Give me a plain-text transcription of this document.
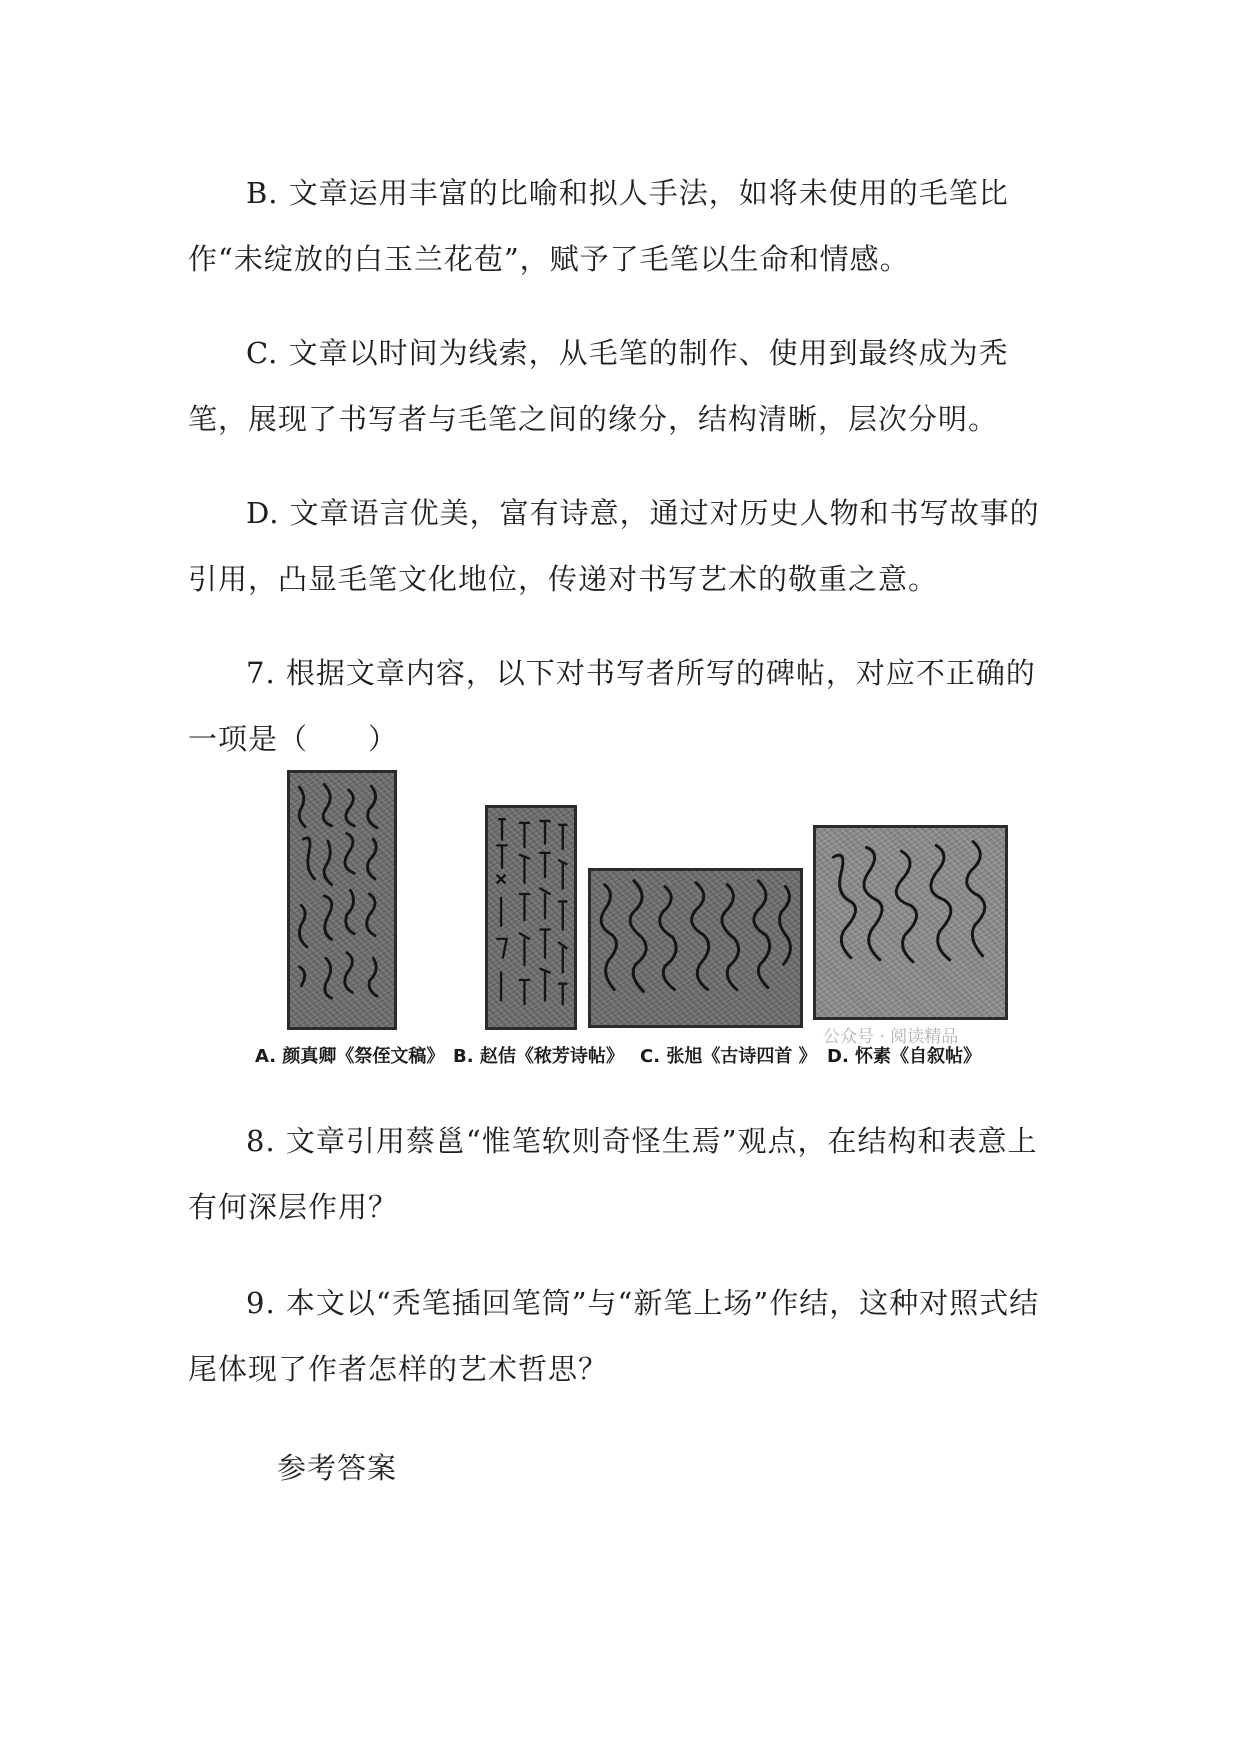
B. 文章运用丰富的比喻和拟人手法，如将未使用的毛笔比作“未绽放的白玉兰花苞”，赋予了毛笔以生命和情感。

C. 文章以时间为线索，从毛笔的制作、使用到最终成为秃笔，展现了书写者与毛笔之间的缘分，结构清晰，层次分明。

D. 文章语言优美，富有诗意，通过对历史人物和书写故事的引用，凸显毛笔文化地位，传递对书写艺术的敬重之意。

7. 根据文章内容，以下对书写者所写的碑帖，对应不正确的一项是（　　）

公众号 · 阅读精品
A. 颜真卿《祭侄文稿》 B. 赵佶《秾芳诗帖》 C. 张旭《古诗四首 》 D. 怀素《自叙帖》

8. 文章引用蔡邕“惟笔软则奇怪生焉”观点，在结构和表意上有何深层作用？

9. 本文以“秃笔插回笔筒”与“新笔上场”作结，这种对照式结尾体现了作者怎样的艺术哲思？

参考答案
